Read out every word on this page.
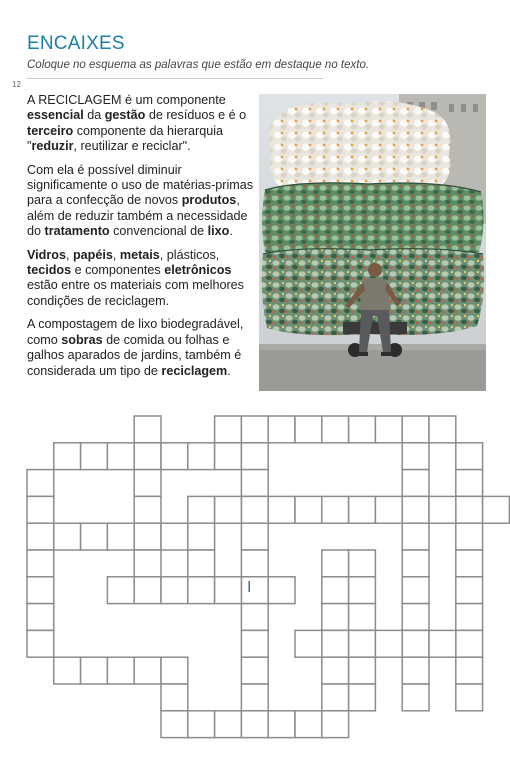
ENCAIXES
Coloque no esquema as palavras que estão em destaque no texto.
12

A RECICLAGEM é um componente essencial da gestão de resíduos e é o terceiro componente da hierarquia "reduzir, reutilizar e reciclar".

Com ela é possível diminuir significamente o uso de matérias-primas para a confecção de novos produtos, além de reduzir também a necessidade do tratamento convencional de lixo.

Vidros, papéis, metais, plásticos, tecidos e componentes eletrônicos estão entre os materiais com melhores condições de reciclagem.

A compostagem de lixo biodegradável, como sobras de comida ou folhas e galhos aparados de jardins, também é considerada um tipo de reciclagem.

I
